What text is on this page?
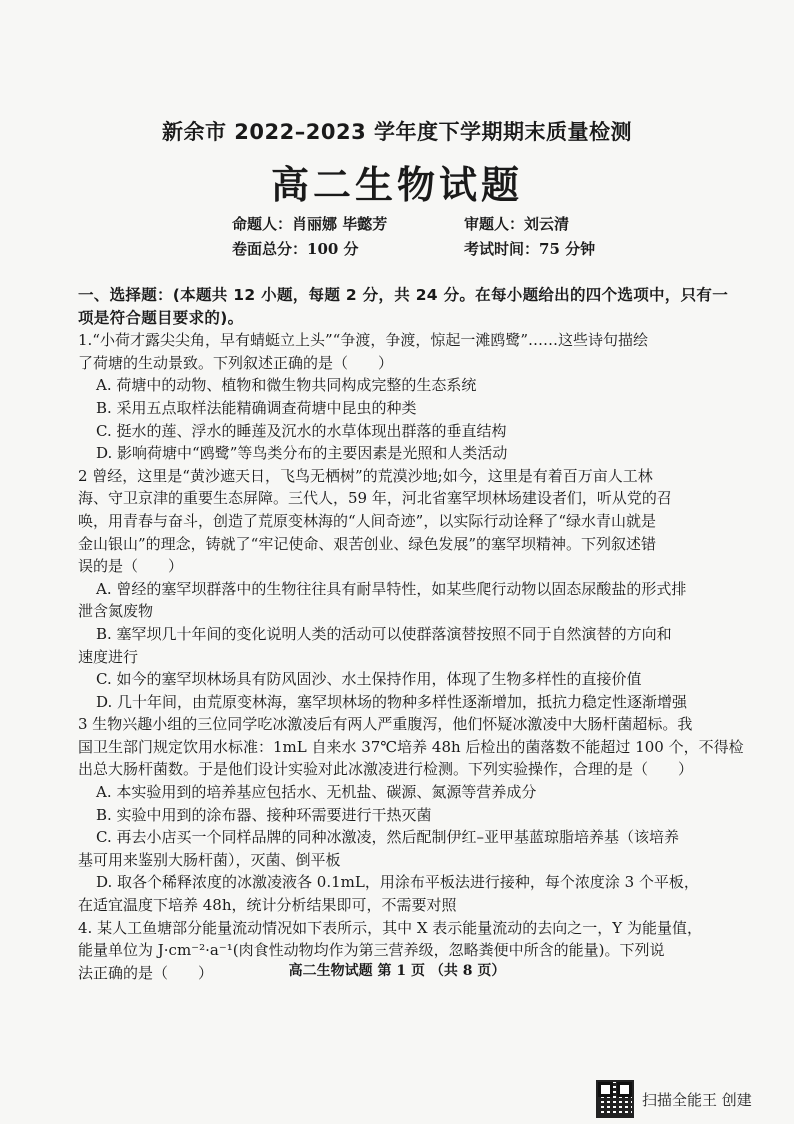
新余市 2022–2023 学年度下学期期末质量检测
高二生物试题
命题人：肖丽娜 毕懿芳	审题人：刘云清
卷面总分：100 分	考试时间：75 分钟

一、选择题：(本题共 12 小题，每题 2 分，共 24 分。在每小题给出的四个选项中，只有一

项是符合题目要求的)。

1.“小荷才露尖尖角，早有蜻蜓立上头”“争渡，争渡，惊起一滩鸥鹭”……这些诗句描绘

了荷塘的生动景致。下列叙述正确的是（　　）

A. 荷塘中的动物、植物和微生物共同构成完整的生态系统

B. 采用五点取样法能精确调查荷塘中昆虫的种类

C. 挺水的莲、浮水的睡莲及沉水的水草体现出群落的垂直结构

D. 影响荷塘中“鸥鹭”等鸟类分布的主要因素是光照和人类活动

2 曾经，这里是“黄沙遮天日，飞鸟无栖树”的荒漠沙地;如今，这里是有着百万亩人工林

海、守卫京津的重要生态屏障。三代人，59 年，河北省塞罕坝林场建设者们，听从党的召

唤，用青春与奋斗，创造了荒原变林海的“人间奇迹”，以实际行动诠释了“绿水青山就是

金山银山”的理念，铸就了“牢记使命、艰苦创业、绿色发展”的塞罕坝精神。下列叙述错

误的是（　　）

A. 曾经的塞罕坝群落中的生物往往具有耐旱特性，如某些爬行动物以固态尿酸盐的形式排

泄含氮废物

B. 塞罕坝几十年间的变化说明人类的活动可以使群落演替按照不同于自然演替的方向和

速度进行

C. 如今的塞罕坝林场具有防风固沙、水土保持作用，体现了生物多样性的直接价值

D. 几十年间，由荒原变林海，塞罕坝林场的物种多样性逐渐增加，抵抗力稳定性逐渐增强

3 生物兴趣小组的三位同学吃冰激凌后有两人严重腹泻，他们怀疑冰激凌中大肠杆菌超标。我

国卫生部门规定饮用水标准：1mL 自来水 37℃培养 48h 后检出的菌落数不能超过 100 个，不得检

出总大肠杆菌数。于是他们设计实验对此冰激凌进行检测。下列实验操作，合理的是（　　）

A. 本实验用到的培养基应包括水、无机盐、碳源、氮源等营养成分

B. 实验中用到的涂布器、接种环需要进行干热灭菌

C. 再去小店买一个同样品牌的同种冰激凌，然后配制伊红–亚甲基蓝琼脂培养基（该培养

基可用来鉴别大肠杆菌），灭菌、倒平板

D. 取各个稀释浓度的冰激凌液各 0.1mL，用涂布平板法进行接种，每个浓度涂 3 个平板，

在适宜温度下培养 48h，统计分析结果即可，不需要对照

4. 某人工鱼塘部分能量流动情况如下表所示，其中 X 表示能量流动的去向之一，Y 为能量值，

能量单位为 J·cm⁻²·a⁻¹(肉食性动物均作为第三营养级，忽略粪便中所含的能量)。下列说

法正确的是（　　）	高二生物试题 第 1 页 （共 8 页）
扫描全能王 创建
